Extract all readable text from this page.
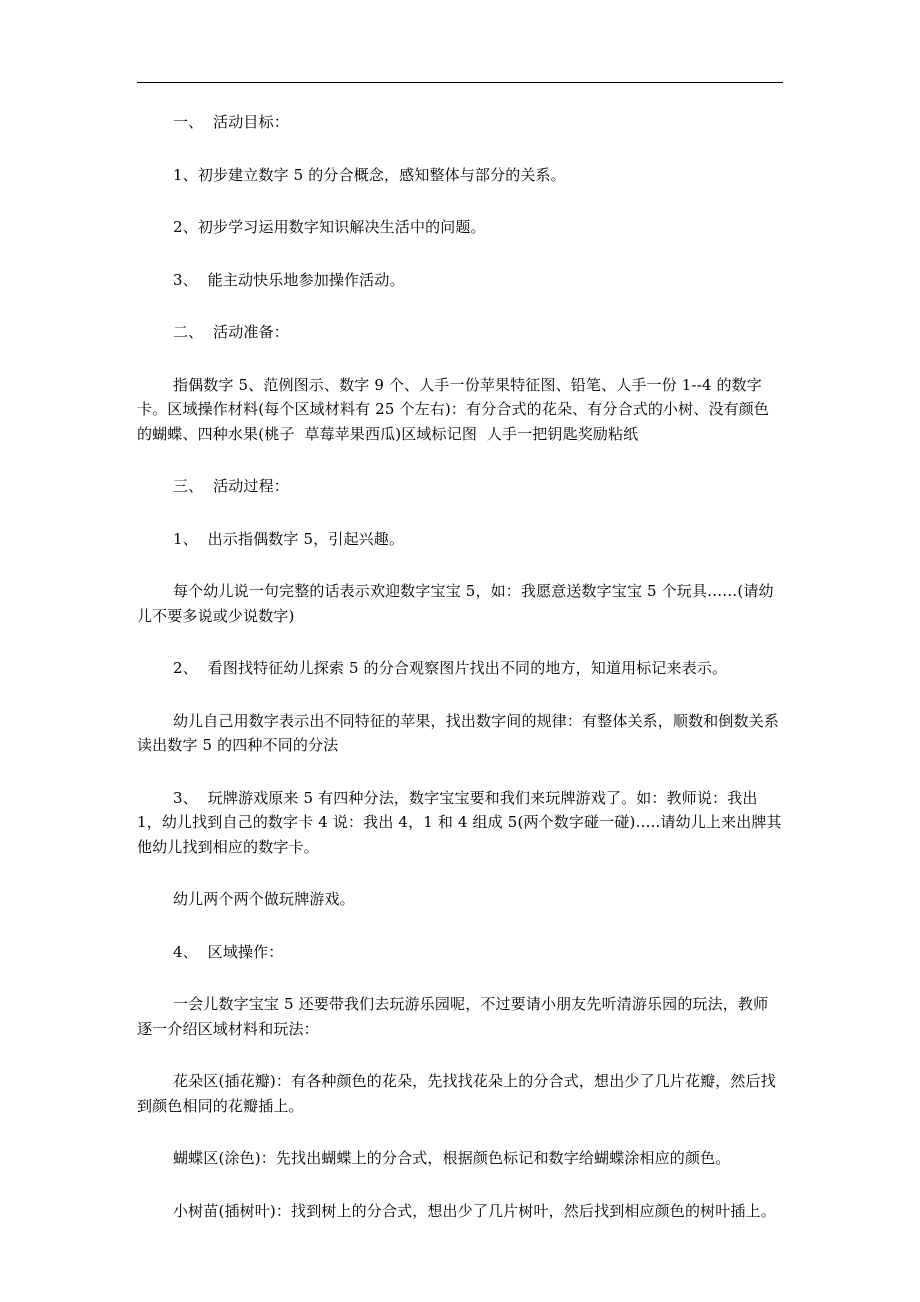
一、  活动目标：

1、初步建立数字 5 的分合概念，感知整体与部分的关系。

2、初步学习运用数字知识解决生活中的问题。

3、  能主动快乐地参加操作活动。

二、  活动准备：

指偶数字 5、范例图示、数字 9 个、人手一份苹果特征图、铅笔、人手一份 1--4 的数字卡。区域操作材料(每个区域材料有 25 个左右)：有分合式的花朵、有分合式的小树、没有颜色的蝴蝶、四种水果(桃子  草莓苹果西瓜)区域标记图  人手一把钥匙奖励粘纸

三、  活动过程：

1、  出示指偶数字 5，引起兴趣。

每个幼儿说一句完整的话表示欢迎数字宝宝 5，如：我愿意送数字宝宝 5 个玩具……(请幼儿不要多说或少说数字)

2、  看图找特征幼儿探索 5 的分合观察图片找出不同的地方，知道用标记来表示。

幼儿自己用数字表示出不同特征的苹果，找出数字间的规律：有整体关系，顺数和倒数关系读出数字 5 的四种不同的分法

3、  玩牌游戏原来 5 有四种分法，数字宝宝要和我们来玩牌游戏了。如：教师说：我出 1，幼儿找到自己的数字卡 4 说：我出 4，1 和 4 组成 5(两个数字碰一碰)…..请幼儿上来出牌其他幼儿找到相应的数字卡。

幼儿两个两个做玩牌游戏。

4、  区域操作：

一会儿数字宝宝 5 还要带我们去玩游乐园呢，不过要请小朋友先听清游乐园的玩法，教师逐一介绍区域材料和玩法：

花朵区(插花瓣)：有各种颜色的花朵，先找找花朵上的分合式，想出少了几片花瓣，然后找到颜色相同的花瓣插上。

蝴蝶区(涂色)：先找出蝴蝶上的分合式，根据颜色标记和数字给蝴蝶涂相应的颜色。

小树苗(插树叶)：找到树上的分合式，想出少了几片树叶，然后找到相应颜色的树叶插上。
